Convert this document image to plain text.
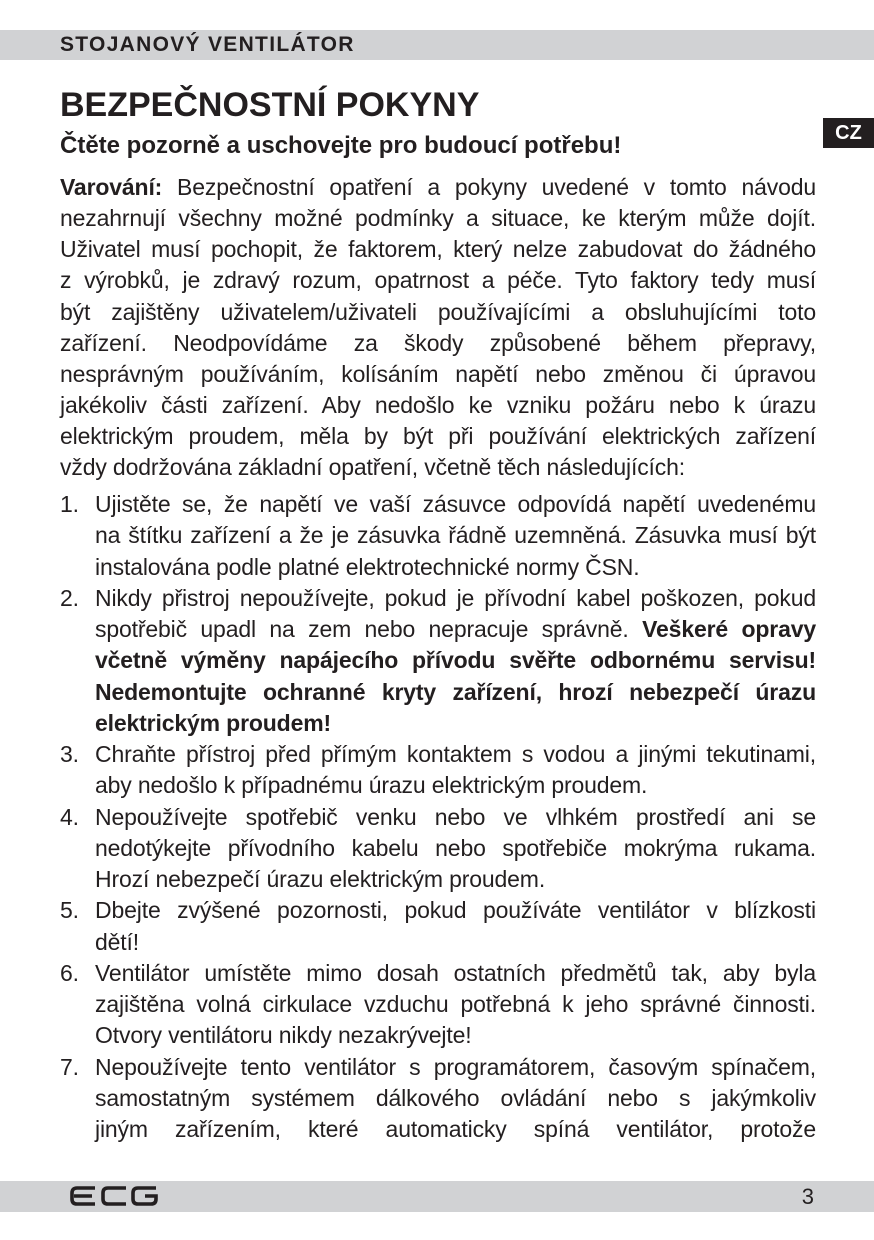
STOJANOVÝ VENTILÁTOR
BEZPEČNOSTNÍ POKYNY
CZ
Čtěte pozorně a uschovejte pro budoucí potřebu!
Varování: Bezpečnostní opatření a pokyny uvedené v tomto návodu
nezahrnují všechny možné podmínky a situace, ke kterým může dojít.
Uživatel musí pochopit, že faktorem, který nelze zabudovat do žádného
z výrobků, je zdravý rozum, opatrnost a péče. Tyto faktory tedy musí
být zajištěny uživatelem/uživateli používajícími a obsluhujícími toto
zařízení. Neodpovídáme za škody způsobené během přepravy,
nesprávným používáním, kolísáním napětí nebo změnou či úpravou
jakékoliv části zařízení. Aby nedošlo ke vzniku požáru nebo k úrazu
elektrickým proudem, měla by být při používání elektrických zařízení
vždy dodržována základní opatření, včetně těch následujících:
1. Ujistěte se, že napětí ve vaší zásuvce odpovídá napětí uvedenému
na štítku zařízení a že je zásuvka řádně uzemněná. Zásuvka musí být
instalována podle platné elektrotechnické normy ČSN.
2. Nikdy přistroj nepoužívejte, pokud je přívodní kabel poškozen, pokud
spotřebič upadl na zem nebo nepracuje správně. Veškeré opravy
včetně výměny napájecího přívodu svěřte odbornému servisu!
Nedemontujte ochranné kryty zařízení, hrozí nebezpečí úrazu
elektrickým proudem!
3. Chraňte přístroj před přímým kontaktem s vodou a jinými tekutinami,
aby nedošlo k případnému úrazu elektrickým proudem.
4. Nepoužívejte spotřebič venku nebo ve vlhkém prostředí ani se
nedotýkejte přívodního kabelu nebo spotřebiče mokrýma rukama.
Hrozí nebezpečí úrazu elektrickým proudem.
5. Dbejte zvýšené pozornosti, pokud používáte ventilátor v blízkosti
dětí!
6. Ventilátor umístěte mimo dosah ostatních předmětů tak, aby byla
zajištěna volná cirkulace vzduchu potřebná k jeho správné činnosti.
Otvory ventilátoru nikdy nezakrývejte!
7. Nepoužívejte tento ventilátor s programátorem, časovým spínačem,
samostatným systémem dálkového ovládání nebo s jakýmkoliv
jiným zařízením, které automaticky spíná ventilátor, protože
3
